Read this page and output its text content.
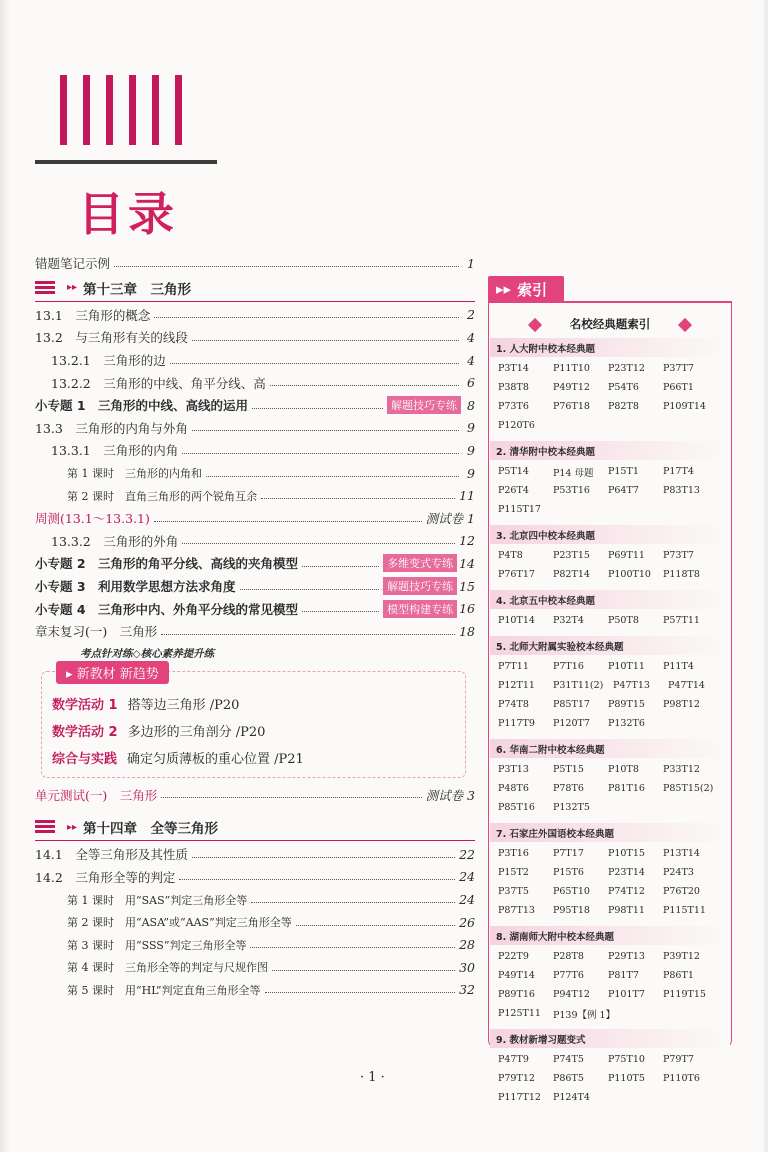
目录
错题笔记示例	1
▸▸ 第十三章　三角形
13.1　三角形的概念	2
13.2　与三角形有关的线段	4
13.2.1　三角形的边	4
13.2.2　三角形的中线、角平分线、高	6
小专题 1　三角形的中线、高线的运用	解题技巧专练 8
13.3　三角形的内角与外角	9
13.3.1　三角形的内角	9
第 1 课时　三角形的内角和	9
第 2 课时　直角三角形的两个锐角互余	11
周测(13.1～13.3.1)	测试卷 1
13.3.2　三角形的外角	12
小专题 2　三角形的角平分线、高线的夹角模型	多维变式专练 14
小专题 3　利用数学思想方法求角度	解题技巧专练 15
小专题 4　三角形中内、外角平分线的常见模型	模型构建专练 16
章末复习(一)　三角形	18
考点针对练◇核心素养提升练
▸ 新教材 新趋势
数学活动 1 搭等边三角形 /P20
数学活动 2 多边形的三角剖分 /P20
综合与实践 确定匀质薄板的重心位置 /P21
单元测试(一)　三角形	测试卷 3
▸▸ 第十四章　全等三角形
14.1　全等三角形及其性质	22
14.2　三角形全等的判定	24
第 1 课时　用“SAS”判定三角形全等	24
第 2 课时　用“ASA”或“AAS”判定三角形全等	26
第 3 课时　用“SSS”判定三角形全等	28
第 4 课时　三角形全等的判定与尺规作图	30
第 5 课时　用“HL”判定直角三角形全等	32
▸▸ 索引
名校经典题索引
1. 人大附中校本经典题
P3T14	P11T10	P23T12	P37T7
P38T8	P49T12	P54T6	P66T1
P73T6	P76T18	P82T8	P109T14
P120T6
2. 清华附中校本经典题
P5T14	P14 母题	P15T1	P17T4
P26T4	P53T16	P64T7	P83T13
P115T17
3. 北京四中校本经典题
P4T8	P23T15	P69T11	P73T7
P76T17	P82T14	P100T10	P118T8
4. 北京五中校本经典题
P10T14	P32T4	P50T8	P57T11
5. 北师大附属实验校本经典题
P7T11	P7T16	P10T11	P11T4
P12T11	P31T11(2)	P47T13	P47T14
P74T8	P85T17	P89T15	P98T12
P117T9	P120T7	P132T6
6. 华南二附中校本经典题
P3T13	P5T15	P10T8	P33T12
P48T6	P78T6	P81T16	P85T15(2)
P85T16	P132T5
7. 石家庄外国语校本经典题
P3T16	P7T17	P10T15	P13T14
P15T2	P15T6	P23T14	P24T3
P37T5	P65T10	P74T12	P76T20
P87T13	P95T18	P98T11	P115T11
8. 湖南师大附中校本经典题
P22T9	P28T8	P29T13	P39T12
P49T14	P77T6	P81T7	P86T1
P89T16	P94T12	P101T7	P119T15
P125T11	P139【例 1】
9. 教材新增习题变式
P47T9	P74T5	P75T10	P79T7
P79T12	P86T5	P110T5	P110T6
P117T12	P124T4
· 1 ·
